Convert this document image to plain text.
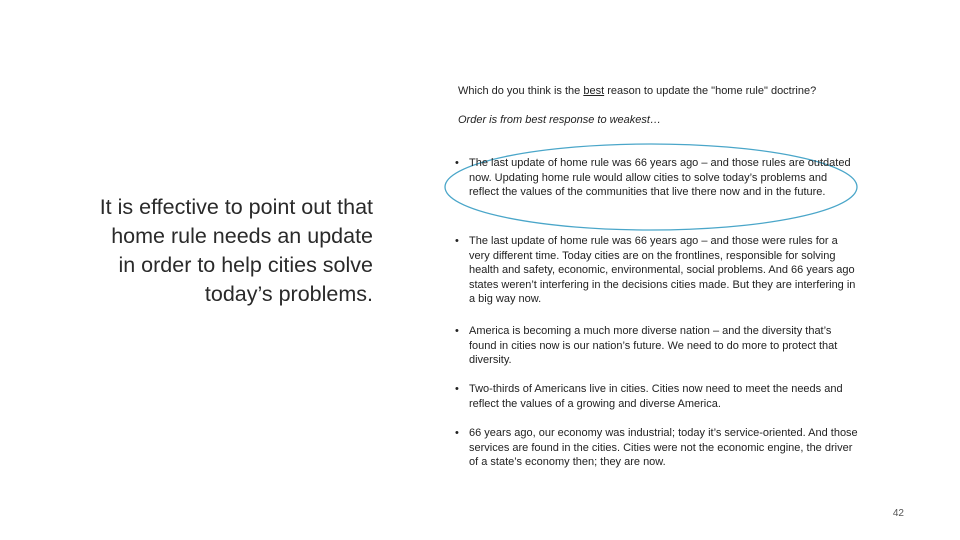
It is effective to point out that home rule needs an update in order to help cities solve today’s problems.
Which do you think is the best reason to update the "home rule" doctrine?
Order is from best response to weakest…
• The last update of home rule was 66 years ago – and those rules are outdated now. Updating home rule would allow cities to solve today’s problems and reflect the values of the communities that live there now and in the future.
• The last update of home rule was 66 years ago – and those were rules for a very different time. Today cities are on the frontlines, responsible for solving health and safety, economic, environmental, social problems. And 66 years ago states weren’t interfering in the decisions cities made. But they are interfering in a big way now.
• America is becoming a much more diverse nation – and the diversity that’s found in cities now is our nation’s future. We need to do more to protect that diversity.
• Two-thirds of Americans live in cities. Cities now need to meet the needs and reflect the values of a growing and diverse America.
• 66 years ago, our economy was industrial; today it’s service-oriented. And those services are found in the cities. Cities were not the economic engine, the driver of a state’s economy then; they are now.
42
